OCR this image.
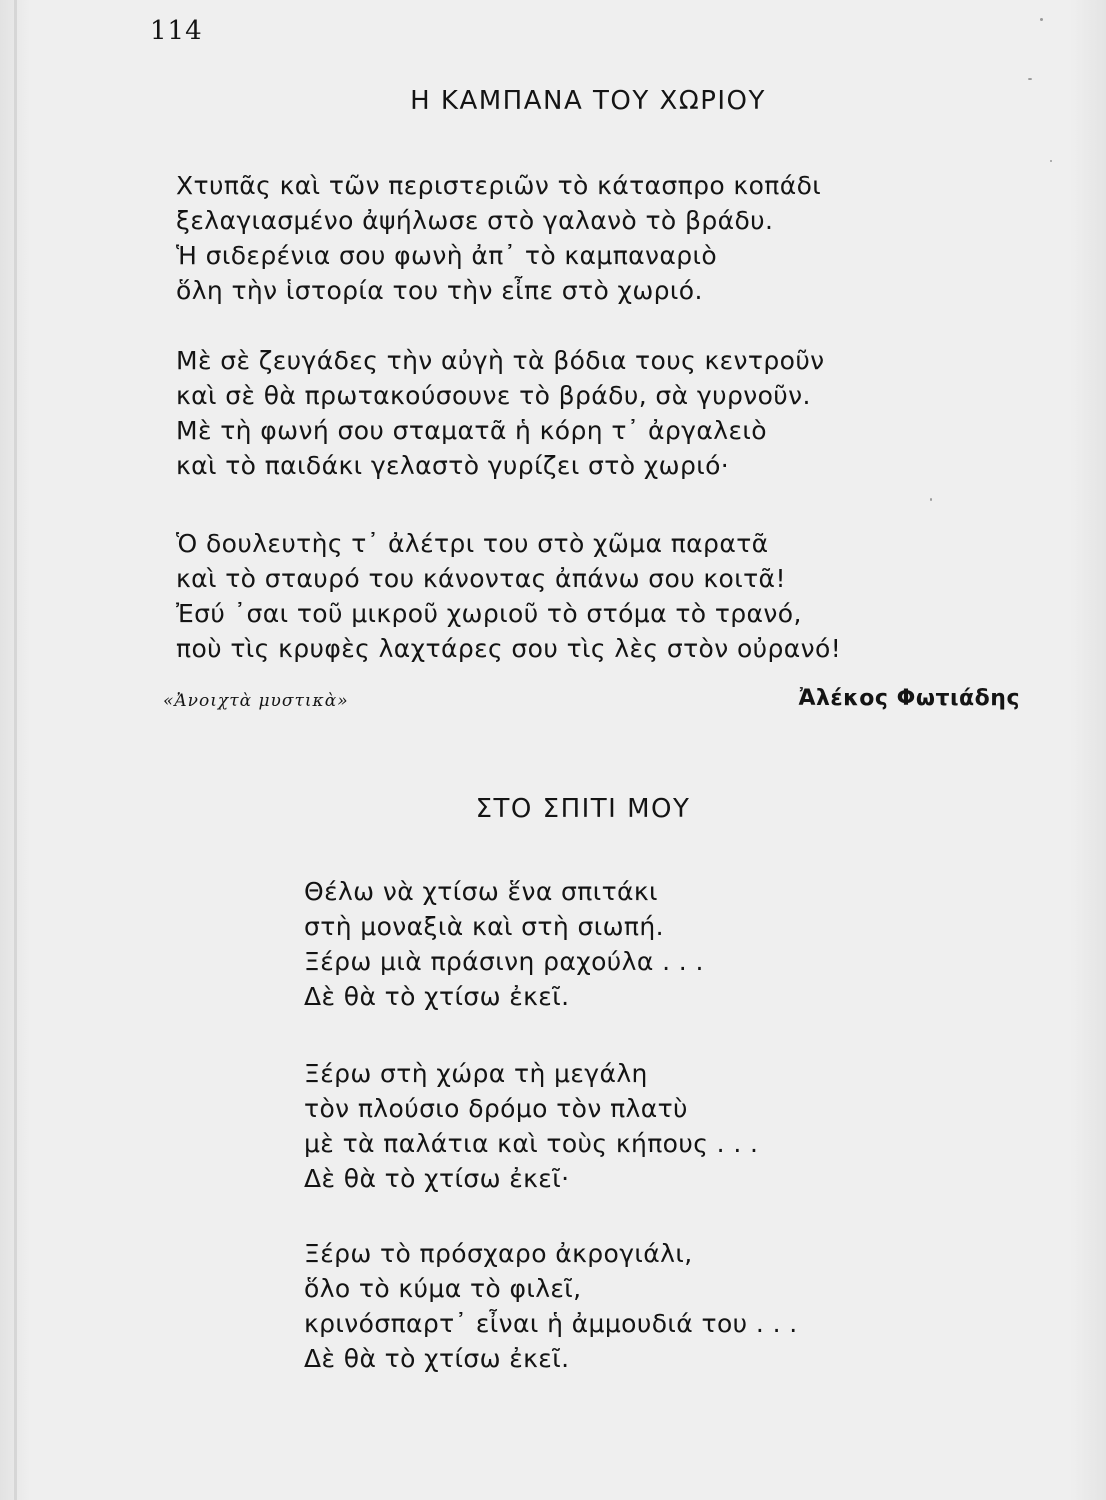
114
Η ΚΑΜΠΑΝΑ ΤΟΥ ΧΩΡΙΟΥ
Χτυπᾶς καὶ τῶν περιστεριῶν τὸ κάτασπρο κοπάδι
ξελαγιασμένο ἀψήλωσε στὸ γαλανὸ τὸ βράδυ.
Ἡ σιδερένια σου φωνὴ ἀπ᾽ τὸ καμπαναριὸ
ὅλη τὴν ἱστορία του τὴν εἶπε στὸ χωριό.
Μὲ σὲ ζευγάδες τὴν αὐγὴ τὰ βόδια τους κεντροῦν
καὶ σὲ θὰ πρωτακούσουνε τὸ βράδυ, σὰ γυρνοῦν.
Μὲ τὴ φωνή σου σταματᾶ ἡ κόρη τ᾽ ἀργαλειὸ
καὶ τὸ παιδάκι γελαστὸ γυρίζει στὸ χωριό·
Ὁ δουλευτὴς τ᾽ ἀλέτρι του στὸ χῶμα παρατᾶ
καὶ τὸ σταυρό του κάνοντας ἀπάνω σου κοιτᾶ!
Ἐσύ ᾽σαι τοῦ μικροῦ χωριοῦ τὸ στόμα τὸ τρανό,
ποὺ τὶς κρυφὲς λαχτάρες σου τὶς λὲς στὸν οὐρανό!
«Ἀνοιχτὰ μυστικὰ»	Ἀλέκος Φωτιάδης
ΣΤΟ ΣΠΙΤΙ ΜΟΥ
Θέλω νὰ χτίσω ἕνα σπιτάκι
στὴ μοναξιὰ καὶ στὴ σιωπή.
Ξέρω μιὰ πράσινη ραχούλα . . .
Δὲ θὰ τὸ χτίσω ἐκεῖ.
Ξέρω στὴ χώρα τὴ μεγάλη
τὸν πλούσιο δρόμο τὸν πλατὺ
μὲ τὰ παλάτια καὶ τοὺς κήπους . . .
Δὲ θὰ τὸ χτίσω ἐκεῖ·
Ξέρω τὸ πρόσχαρο ἀκρογιάλι,
ὅλο τὸ κύμα τὸ φιλεῖ,
κρινόσπαρτ᾽ εἶναι ἡ ἀμμουδιά του . . .
Δὲ θὰ τὸ χτίσω ἐκεῖ.
